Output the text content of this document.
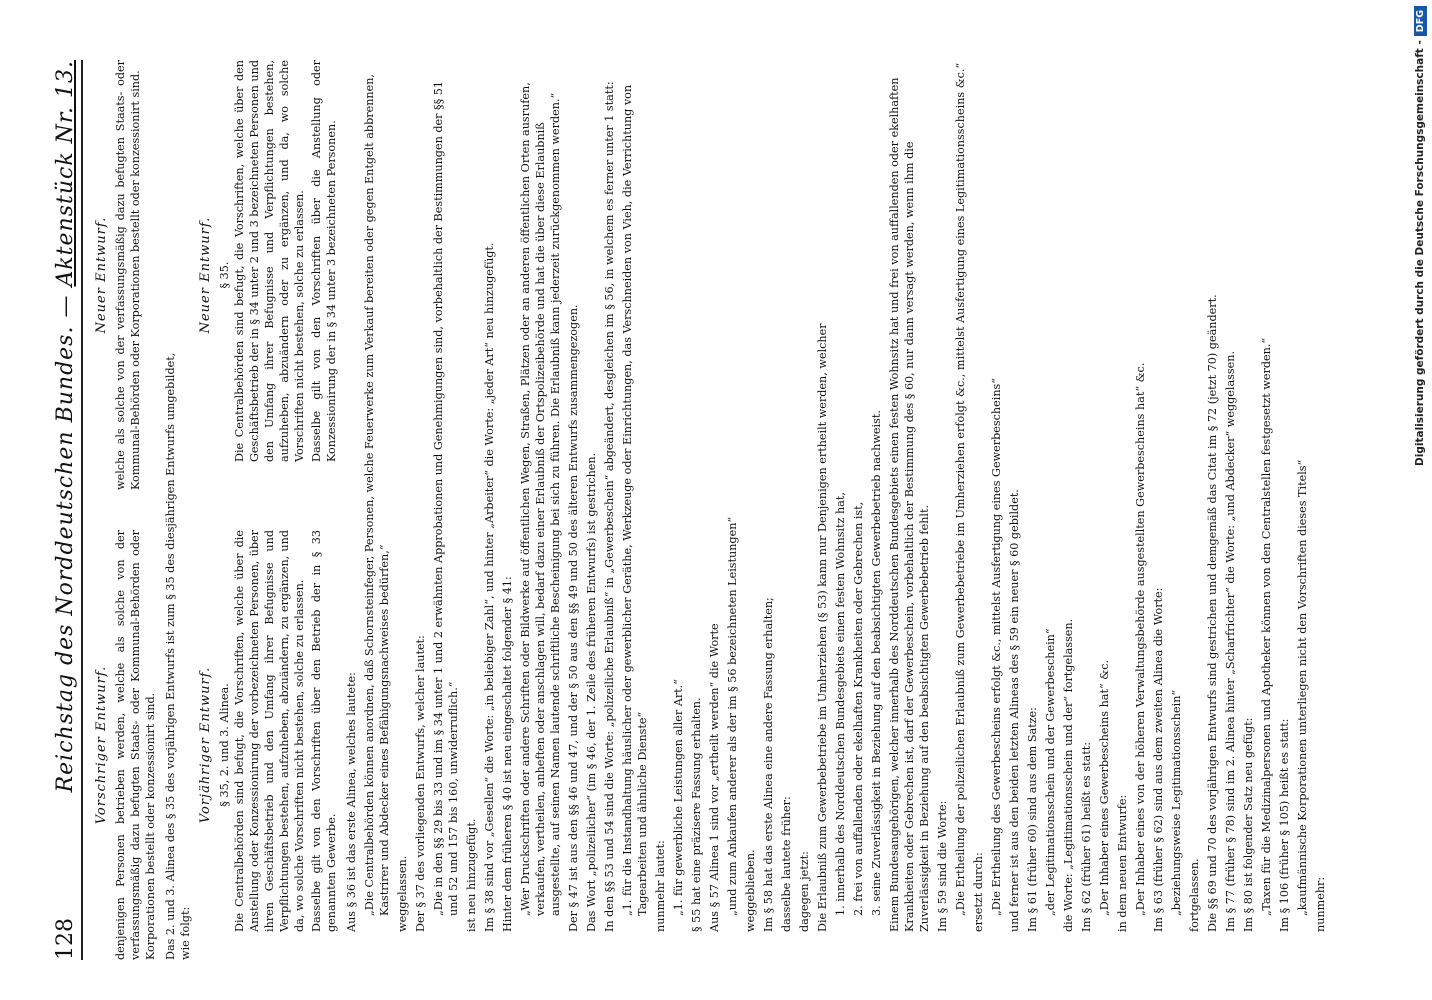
128
Reichstag des Norddeutschen Bundes. — Aktenstück Nr. 13.
Vorschriger Entwurf. denjenigen Personen betrieben werden, welche als solche von der verfassungsmäßig dazu befugten Staats- oder Kommunal-Behörden oder Korporationen bestellt oder konzessionirt sind.

Neuer Entwurf. welche als solche von der verfassungsmäßig dazu befugten Staats- oder Kommunal-Behörden oder Korporationen bestellt oder konzessionirt sind.

Das 2. und 3. Alinea des § 35 des vorjährigen Entwurfs ist zum § 35 des diesjährigen Entwurfs umgebildet,
wie folgt:
Vorjähriger Entwurf. § 35, 2. und 3. Alinea. Die Centralbehörden sind befugt, die Vorschriften, welche über die Anstellung oder Konzessionirung der vorbezeichneten Personen, über ihren Geschäftsbetrieb und den Umfang ihrer Befugnisse und Verpflichtungen bestehen, aufzuheben, abzuändern, zu ergänzen, und da, wo solche Vorschriften nicht bestehen, solche zu erlassen. Dasselbe gilt von den Vorschriften über den Betrieb der in § 33 genannten Gewerbe.

Neuer Entwurf. § 35. Die Centralbehörden sind befugt, die Vorschriften, welche über den Geschäftsbetrieb der in § 34 unter 2 und 3 bezeichneten Personen und den Umfang ihrer Befugnisse und Verpflichtungen bestehen, aufzuheben, abzuändern oder zu ergänzen, und da, wo solche Vorschriften nicht bestehen, solche zu erlassen. Dasselbe gilt von den Vorschriften über die Anstellung oder Konzessionirung der in § 34 unter 3 bezeichneten Personen.

Aus § 36 ist das erste Alinea, welches lautete: „Die Centralbehörden können anordnen, daß Schornsteinfeger, Personen, welche Feuerwerke zum Verkauf bereiten oder gegen Entgelt abbrennen, Kastrirer und Abdecker eines Befähigungsnachweises bedürfen,“ weggelassen. Der § 37 des vorliegenden Entwurfs, welcher lautet: „Die in den §§ 29 bis 33 und im § 34 unter 1 und 2 erwähnten Approbationen und Genehmigungen sind, vorbehaltlich der Bestimmungen der §§ 51 und 52 und 157 bis 160, unwiderruflich.“ ist neu hinzugefügt. Im § 38 sind vor „Gesellen“ die Worte: „in beliebiger Zahl“, und hinter „Arbeiter“ die Worte: „jeder Art“ neu hinzugefügt. Hinter dem früheren § 40 ist neu eingeschaltet folgender § 41: „Wer Druckschriften oder andere Schriften oder Bildwerke auf öffentlichen Wegen, Straßen, Plätzen oder an anderen öffentlichen Orten ausrufen, verkaufen, vertheilen, anheften oder anschlagen will, bedarf dazu einer Erlaubniß der Ortspolizeibehörde und hat die über diese Erlaubniß ausgestellte, auf seinen Namen lautende schriftliche Bescheinigung bei sich zu führen. Die Erlaubniß kann jederzeit zurückgenommen werden.“ Der § 47 ist aus den §§ 46 und 47, und der § 50 aus den §§ 49 und 50 des älteren Entwurfs zusammengezogen. Das Wort „polizeilicher“ (im § 46, der 1. Zeile des früheren Entwurfs) ist gestrichen. In den §§ 53 und 54 sind die Worte: „polizeiliche Erlaubniß“ in „Gewerbeschein“ abgeändert, desgleichen im § 56, in welchem es ferner unter 1 statt: „1. für die Instandhaltung häuslicher oder gewerblicher Geräthe, Werkzeuge oder Einrichtungen, das Verschneiden von Vieh, die Verrichtung von Tagearbeiten und ähnliche Dienste“ nunmehr lautet: „1. für gewerbliche Leistungen aller Art.“ § 55 hat eine präzisere Fassung erhalten. Aus § 57 Alinea 1 sind vor „ertheilt werden“ die Worte „und zum Ankaufen anderer als der im § 56 bezeichneten Leistungen“ weggeblieben. Im § 58 hat das erste Alinea eine andere Fassung erhalten; dasselbe lautete früher: dagegen jetzt: Die Erlaubniß zum Gewerbebetriebe im Umherziehen (§ 53) kann nur Denjenigen ertheilt werden, welcher 1. innerhalb des Norddeutschen Bundesgebiets einen festen Wohnsitz hat, 2. frei von auffallenden oder ekelhaften Krankheiten oder Gebrechen ist, 3. seine Zuverlässigkeit in Beziehung auf den beabsichtigten Gewerbebetrieb nachweist. Einem Bundesangehörigen, welcher innerhalb des Norddeutschen Bundesgebiets einen festen Wohnsitz hat und frei von auffallenden oder ekelhaften Krankheiten oder Gebrechen ist, darf der Gewerbeschein, vorbehaltlich der Bestimmung des § 60, nur dann versagt werden, wenn ihm die Zuverlässigkeit in Beziehung auf den beabsichtigten Gewerbebetrieb fehlt. Im § 59 sind die Worte: „Die Ertheilung der polizeilichen Erlaubniß zum Gewerbebetriebe im Umherziehen erfolgt &c., mittelst Ausfertigung eines Legitimationsscheins &c.“ ersetzt durch: „Die Ertheilung des Gewerbescheins erfolgt &c., mittelst Ausfertigung eines Gewerbescheins“ und ferner ist aus den beiden letzten Alineas des § 59 ein neuer § 60 gebildet. Im § 61 (früher 60) sind aus dem Satze: „der Legitimationsschein und der Gewerbeschein“ die Worte: „Legitimationsschein und der“ fortgelassen. Im § 62 (früher 61) heißt es statt: „Der Inhaber eines Gewerbescheins hat“ &c. in dem neuen Entwurfe: „Der Inhaber eines von der höheren Verwaltungsbehörde ausgestellten Gewerbescheins hat“ &c. Im § 63 (früher § 62) sind aus dem zweiten Alinea die Worte: „beziehungsweise Legitimationsschein“ fortgelassen. Die §§ 69 und 70 des vorjährigen Entwurfs sind gestrichen und demgemäß das Citat im § 72 (jetzt 70) geändert. Im § 77 (früher § 78) sind im 2. Alinea hinter „Scharfrichter“ die Worte: „und Abdecker“ weggelassen. Im § 80 ist folgender Satz neu gefügt: „Taxen für die Medizinalpersonen und Apotheker können von den Centralstellen festgesetzt werden.“ Im § 106 (früher § 105) heißt es statt: „kaufmännische Korporationen unterliegen nicht den Vorschriften dieses Titels“ nunmehr:

Digitalisierung gefördert durch die Deutsche Forschungsgemeinschaft -
DFG
